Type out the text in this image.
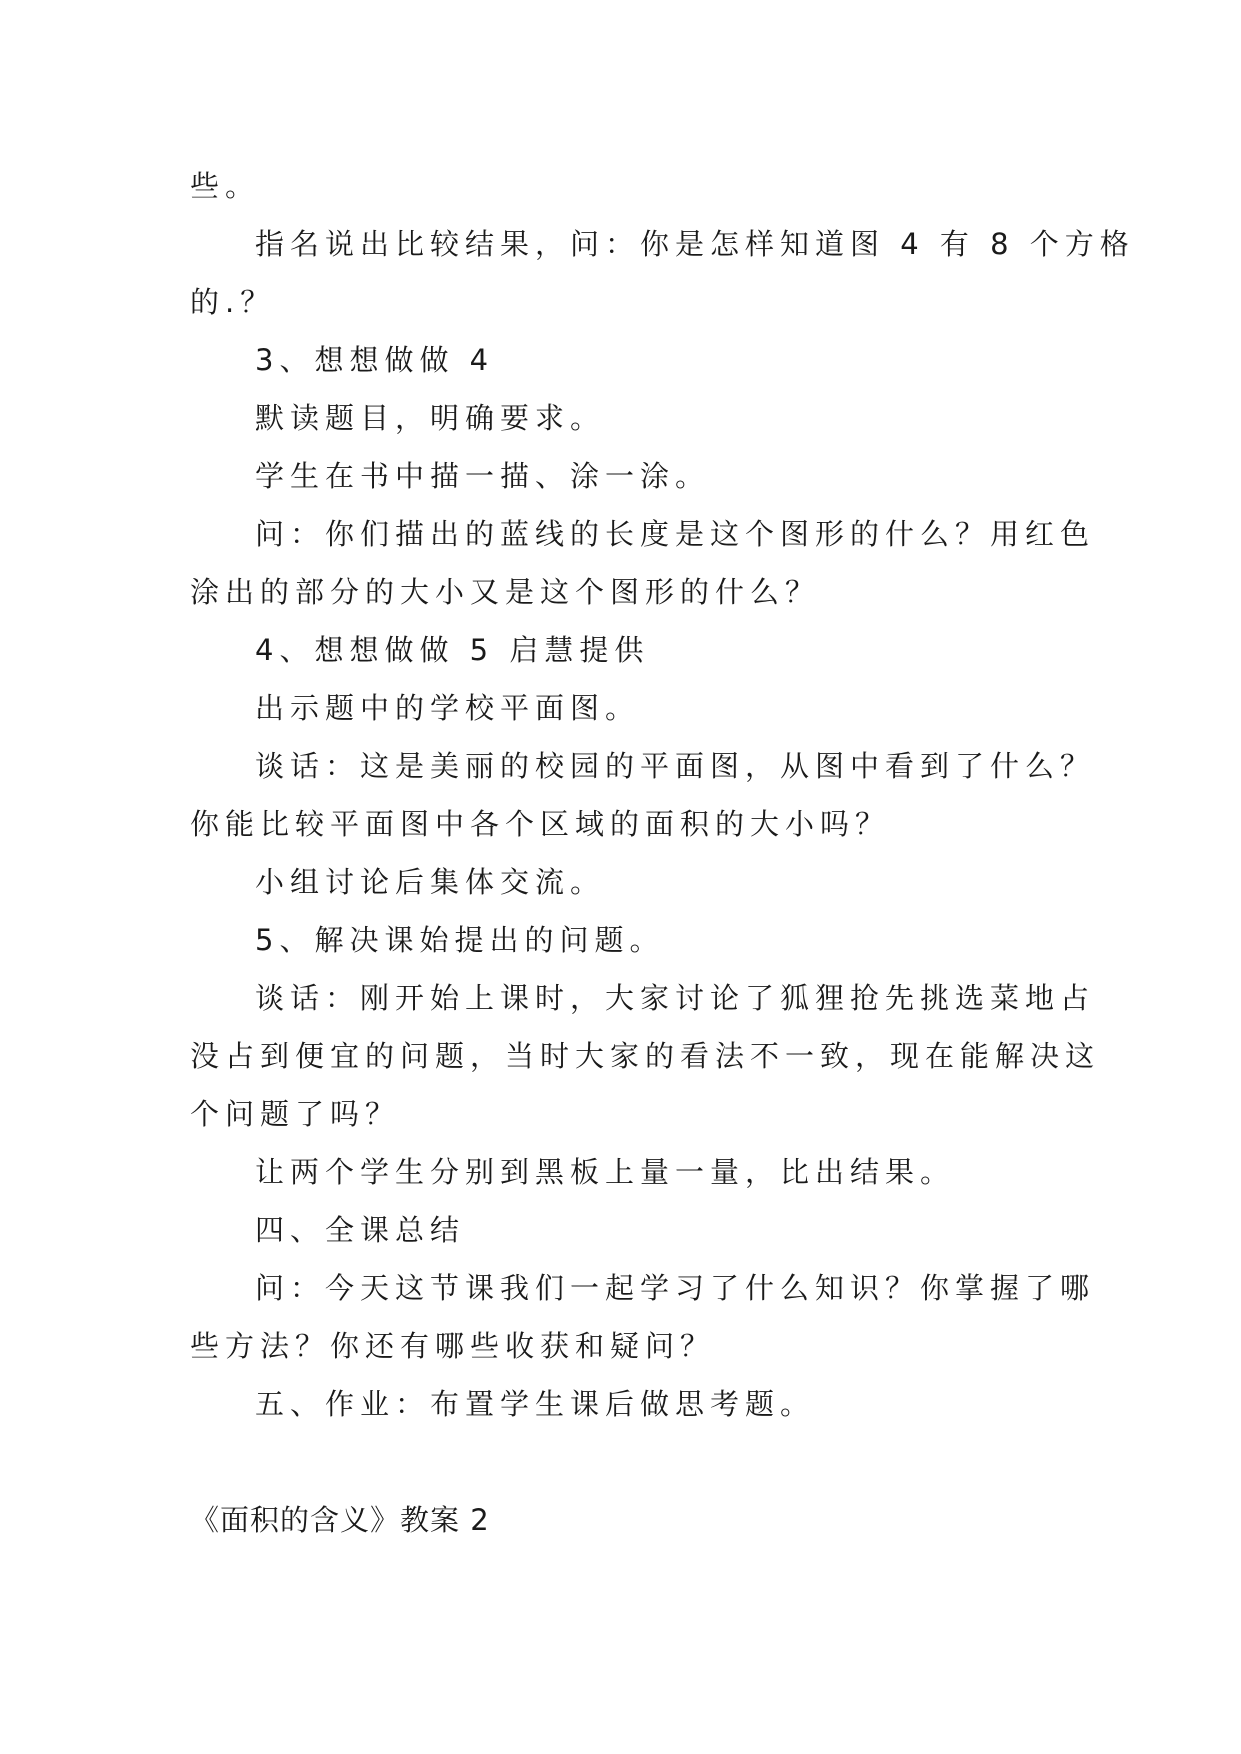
些。
指名说出比较结果，问：你是怎样知道图 4 有 8 个方格
的.？
3、想想做做 4
默读题目，明确要求。
学生在书中描一描、涂一涂。
问：你们描出的蓝线的长度是这个图形的什么？用红色
涂出的部分的大小又是这个图形的什么？
4、想想做做 5 启慧提供
出示题中的学校平面图。
谈话：这是美丽的校园的平面图，从图中看到了什么？
你能比较平面图中各个区域的面积的大小吗？
小组讨论后集体交流。
5、解决课始提出的问题。
谈话：刚开始上课时，大家讨论了狐狸抢先挑选菜地占
没占到便宜的问题，当时大家的看法不一致，现在能解决这
个问题了吗？
让两个学生分别到黑板上量一量，比出结果。
四、全课总结
问：今天这节课我们一起学习了什么知识？你掌握了哪
些方法？你还有哪些收获和疑问？
五、作业：布置学生课后做思考题。
《面积的含义》教案 2
